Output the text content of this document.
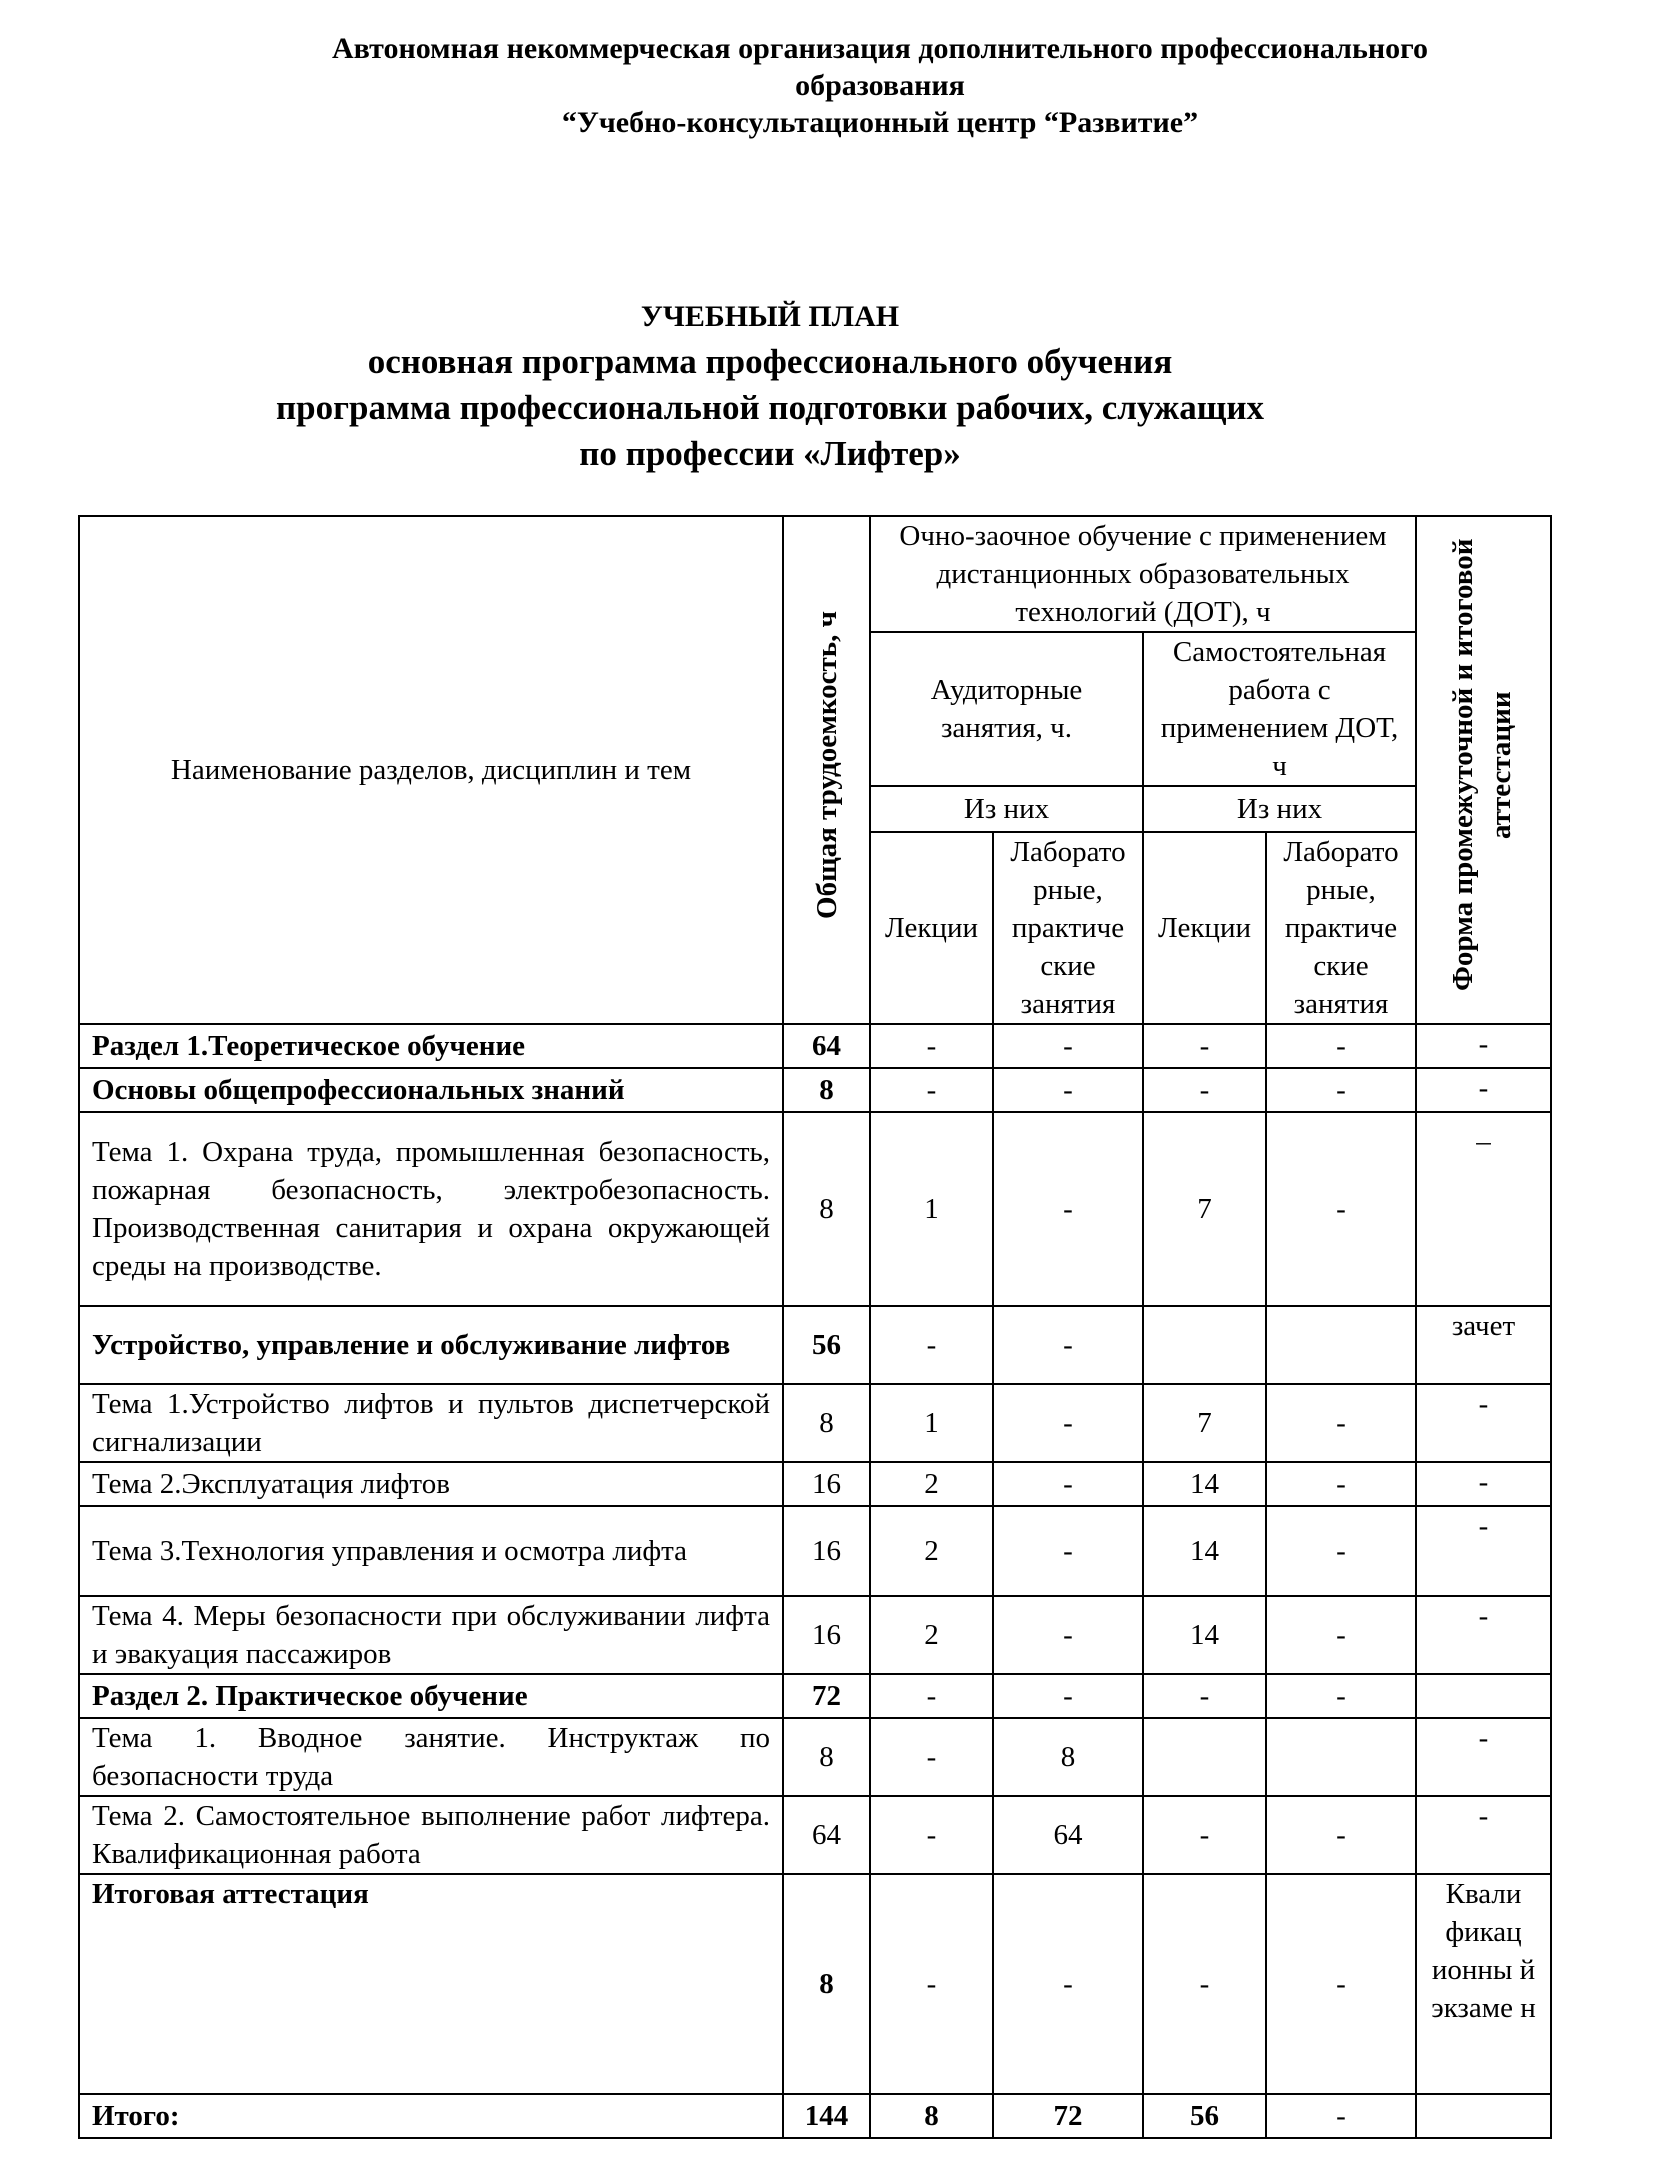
Автономная некоммерческая организация дополнительного профессионального
образования
“Учебно-консультационный центр “Развитие”
УЧЕБНЫЙ ПЛАН
основная программа профессионального обучения
программа профессиональной подготовки рабочих, служащих
по профессии «Лифтер»
Наименование разделов, дисциплин и тем	Общая трудоемкость, ч	Очно-заочное обучение с применением дистанционных образовательных технологий (ДОТ), ч				Форма промежуточной и итоговой аттестации
		Аудиторные занятия, ч.		Самостоятельная работа с применением ДОТ, ч		
		Из них		Из них		
		Лекции	Лаборато рные, практиче ские занятия	Лекции	Лаборато рные, практиче ские занятия	
Раздел 1.Теоретическое обучение	64	-	-	-	-	-
Основы общепрофессиональных знаний	8	-	-	-	-	-
Тема 1. Охрана труда, промышленная безопасность, пожарная безопасность, электробезопасность. Производственная санитария и охрана окружающей среды на производстве.	8	1	-	7	-	_
Устройство, управление и обслуживание лифтов	56	-	-			зачет
Тема 1.Устройство лифтов и пультов диспетчерской сигнализации	8	1	-	7	-	-
Тема 2.Эксплуатация лифтов	16	2	-	14	-	-
Тема 3.Технология управления и осмотра лифта	16	2	-	14	-	-
Тема 4. Меры безопасности при обслуживании лифта и эвакуация пассажиров	16	2	-	14	-	-
Раздел 2. Практическое обучение	72	-	-	-	-	
Тема 1. Вводное занятие. Инструктаж по безопасности труда	8	-	8			-
Тема 2. Самостоятельное выполнение работ лифтера. Квалификационная работа	64	-	64	-	-	-
Итоговая аттестация	8	-	-	-	-	Квали фикац ионны й экзаме н
Итого:	144	8	72	56	-	
